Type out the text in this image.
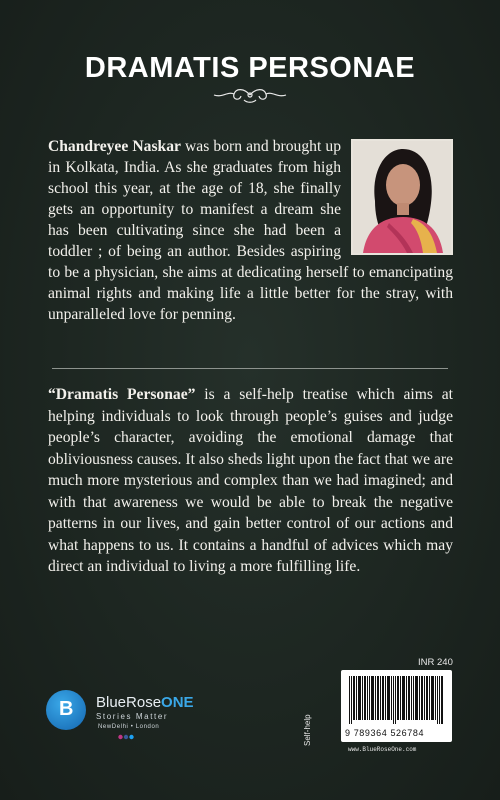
DRAMATIS PERSONAE
Chandreyee Naskar was born and brought up in Kolkata, India. As she graduates from high school this year, at the age of 18, she finally gets an opportunity to manifest a dream she has been cultivating since she had been a toddler ; of being an author. Besides aspiring to be a physician, she aims at dedicating herself to emancipating animal rights and making life a little better for the stray, with unparalleled love for penning.
“Dramatis Personae” is a self-help treatise which aims at helping individuals to look through people’s guises and judge people’s character, avoiding the emotional damage that obliviousness causes. It also sheds light upon the fact that we are much more mysterious and complex than we had imagined; and with that awareness we would be able to break the negative patterns in our lives, and gain better control of our actions and what happens to us. It contains a handful of advices which may direct an individual to living a more fulfilling life.
B BlueRoseONE
Stories Matter
NewDelhi • London
INR 240
Self-help	9 789364 526784
www.BlueRoseOne.com
